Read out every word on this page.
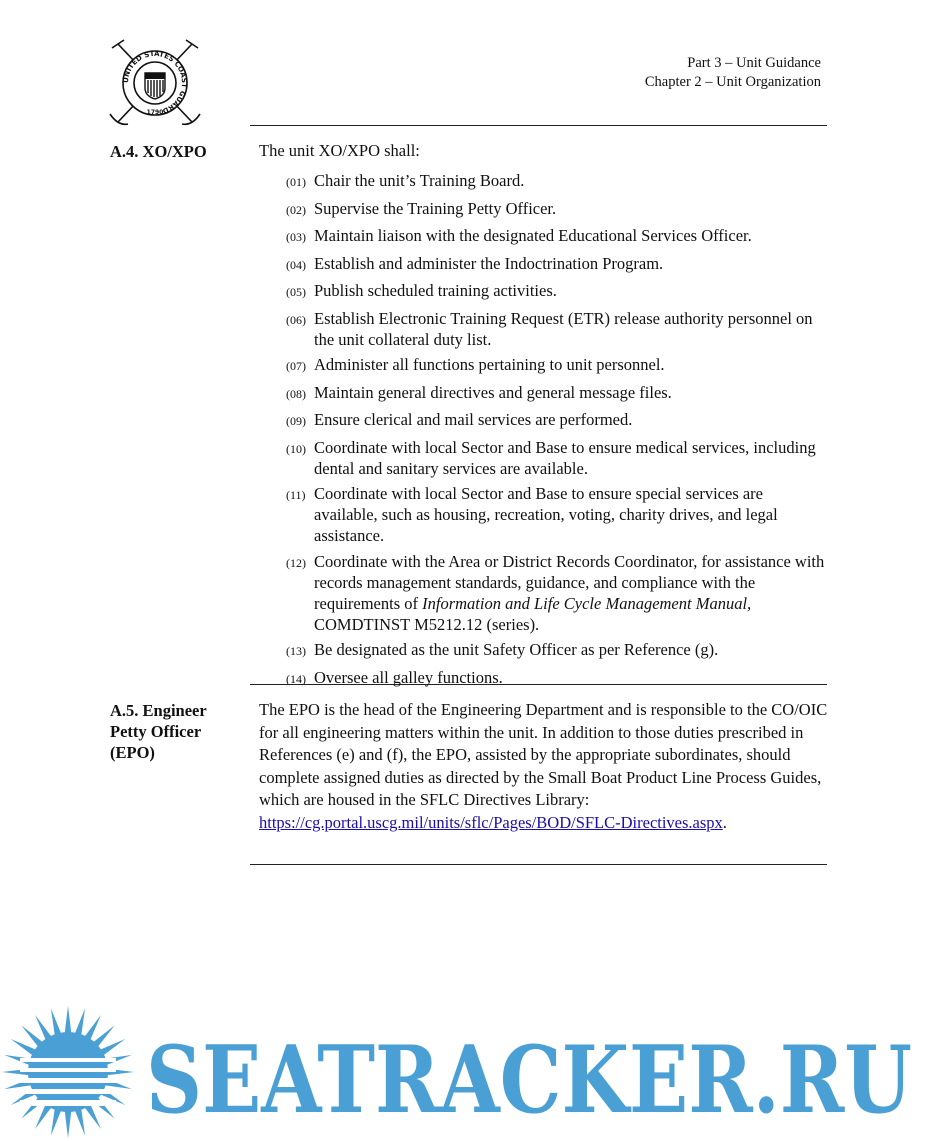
UNITED STATES COAST GUARD
1790
Part 3 – Unit Guidance
Chapter 2 – Unit Organization
A.4. XO/XPO	The unit XO/XPO shall:
(01) Chair the unit’s Training Board.
(02) Supervise the Training Petty Officer.
(03) Maintain liaison with the designated Educational Services Officer.
(04) Establish and administer the Indoctrination Program.
(05) Publish scheduled training activities.
(06) Establish Electronic Training Request (ETR) release authority personnel on the unit collateral duty list.
(07) Administer all functions pertaining to unit personnel.
(08) Maintain general directives and general message files.
(09) Ensure clerical and mail services are performed.
(10) Coordinate with local Sector and Base to ensure medical services, including dental and sanitary services are available.
(11) Coordinate with local Sector and Base to ensure special services are available, such as housing, recreation, voting, charity drives, and legal assistance.
(12) Coordinate with the Area or District Records Coordinator, for assistance with records management standards, guidance, and compliance with the requirements of Information and Life Cycle Management Manual, COMDTINST M5212.12 (series).
(13) Be designated as the unit Safety Officer as per Reference (g).
(14) Oversee all galley functions.
A.5. Engineer
Petty Officer
(EPO)
The EPO is the head of the Engineering Department and is responsible to the CO/OIC for all engineering matters within the unit. In addition to those duties prescribed in References (e) and (f), the EPO, assisted by the appropriate subordinates, should complete assigned duties as directed by the Small Boat Product Line Process Guides, which are housed in the SFLC Directives Library: https://cg.portal.uscg.mil/units/sflc/Pages/BOD/SFLC-Directives.aspx.
SEATRACKER.RU
